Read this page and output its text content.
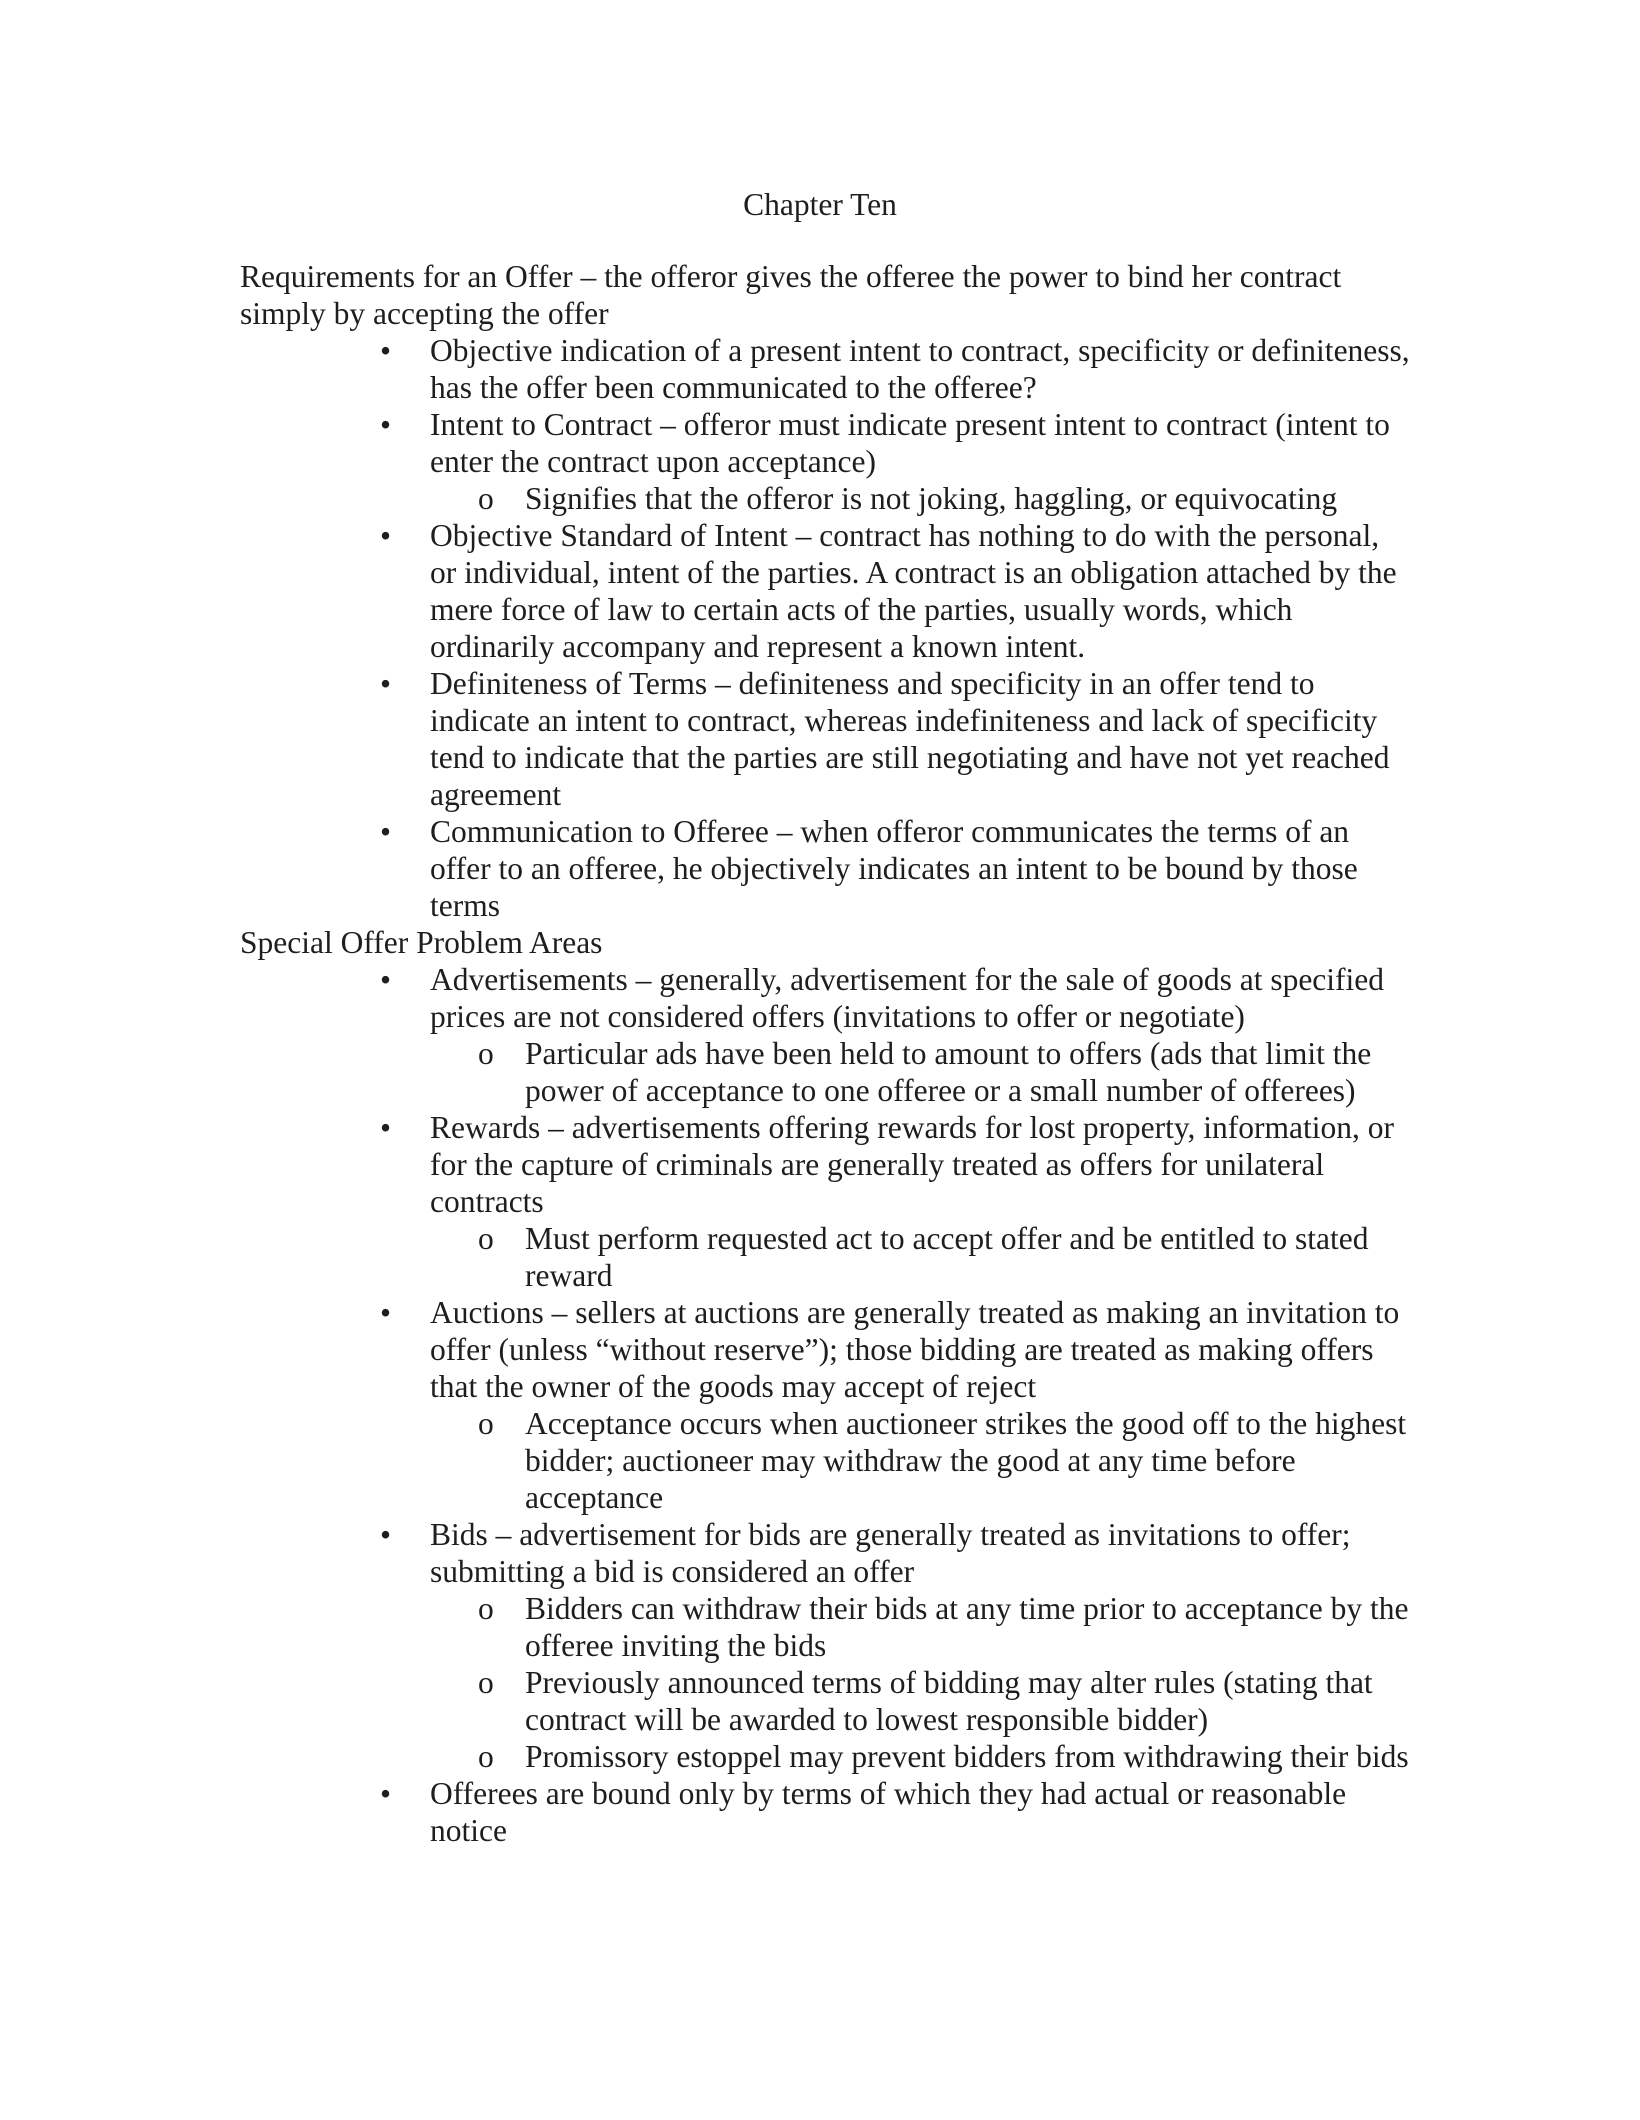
Chapter Ten
Requirements for an Offer – the offeror gives the offeree the power to bind her contract simply by accepting the offer
• Objective indication of a present intent to contract, specificity or definiteness, has the offer been communicated to the offeree?
• Intent to Contract – offeror must indicate present intent to contract (intent to enter the contract upon acceptance)
o Signifies that the offeror is not joking, haggling, or equivocating
• Objective Standard of Intent – contract has nothing to do with the personal, or individual, intent of the parties. A contract is an obligation attached by the mere force of law to certain acts of the parties, usually words, which ordinarily accompany and represent a known intent.
• Definiteness of Terms – definiteness and specificity in an offer tend to indicate an intent to contract, whereas indefiniteness and lack of specificity tend to indicate that the parties are still negotiating and have not yet reached agreement
• Communication to Offeree – when offeror communicates the terms of an offer to an offeree, he objectively indicates an intent to be bound by those terms
Special Offer Problem Areas
• Advertisements – generally, advertisement for the sale of goods at specified prices are not considered offers (invitations to offer or negotiate)
o Particular ads have been held to amount to offers (ads that limit the power of acceptance to one offeree or a small number of offerees)
• Rewards – advertisements offering rewards for lost property, information, or for the capture of criminals are generally treated as offers for unilateral contracts
o Must perform requested act to accept offer and be entitled to stated reward
• Auctions – sellers at auctions are generally treated as making an invitation to offer (unless “without reserve”); those bidding are treated as making offers that the owner of the goods may accept of reject
o Acceptance occurs when auctioneer strikes the good off to the highest bidder; auctioneer may withdraw the good at any time before acceptance
• Bids – advertisement for bids are generally treated as invitations to offer; submitting a bid is considered an offer
o Bidders can withdraw their bids at any time prior to acceptance by the offeree inviting the bids
o Previously announced terms of bidding may alter rules (stating that contract will be awarded to lowest responsible bidder)
o Promissory estoppel may prevent bidders from withdrawing their bids
• Offerees are bound only by terms of which they had actual or reasonable notice
